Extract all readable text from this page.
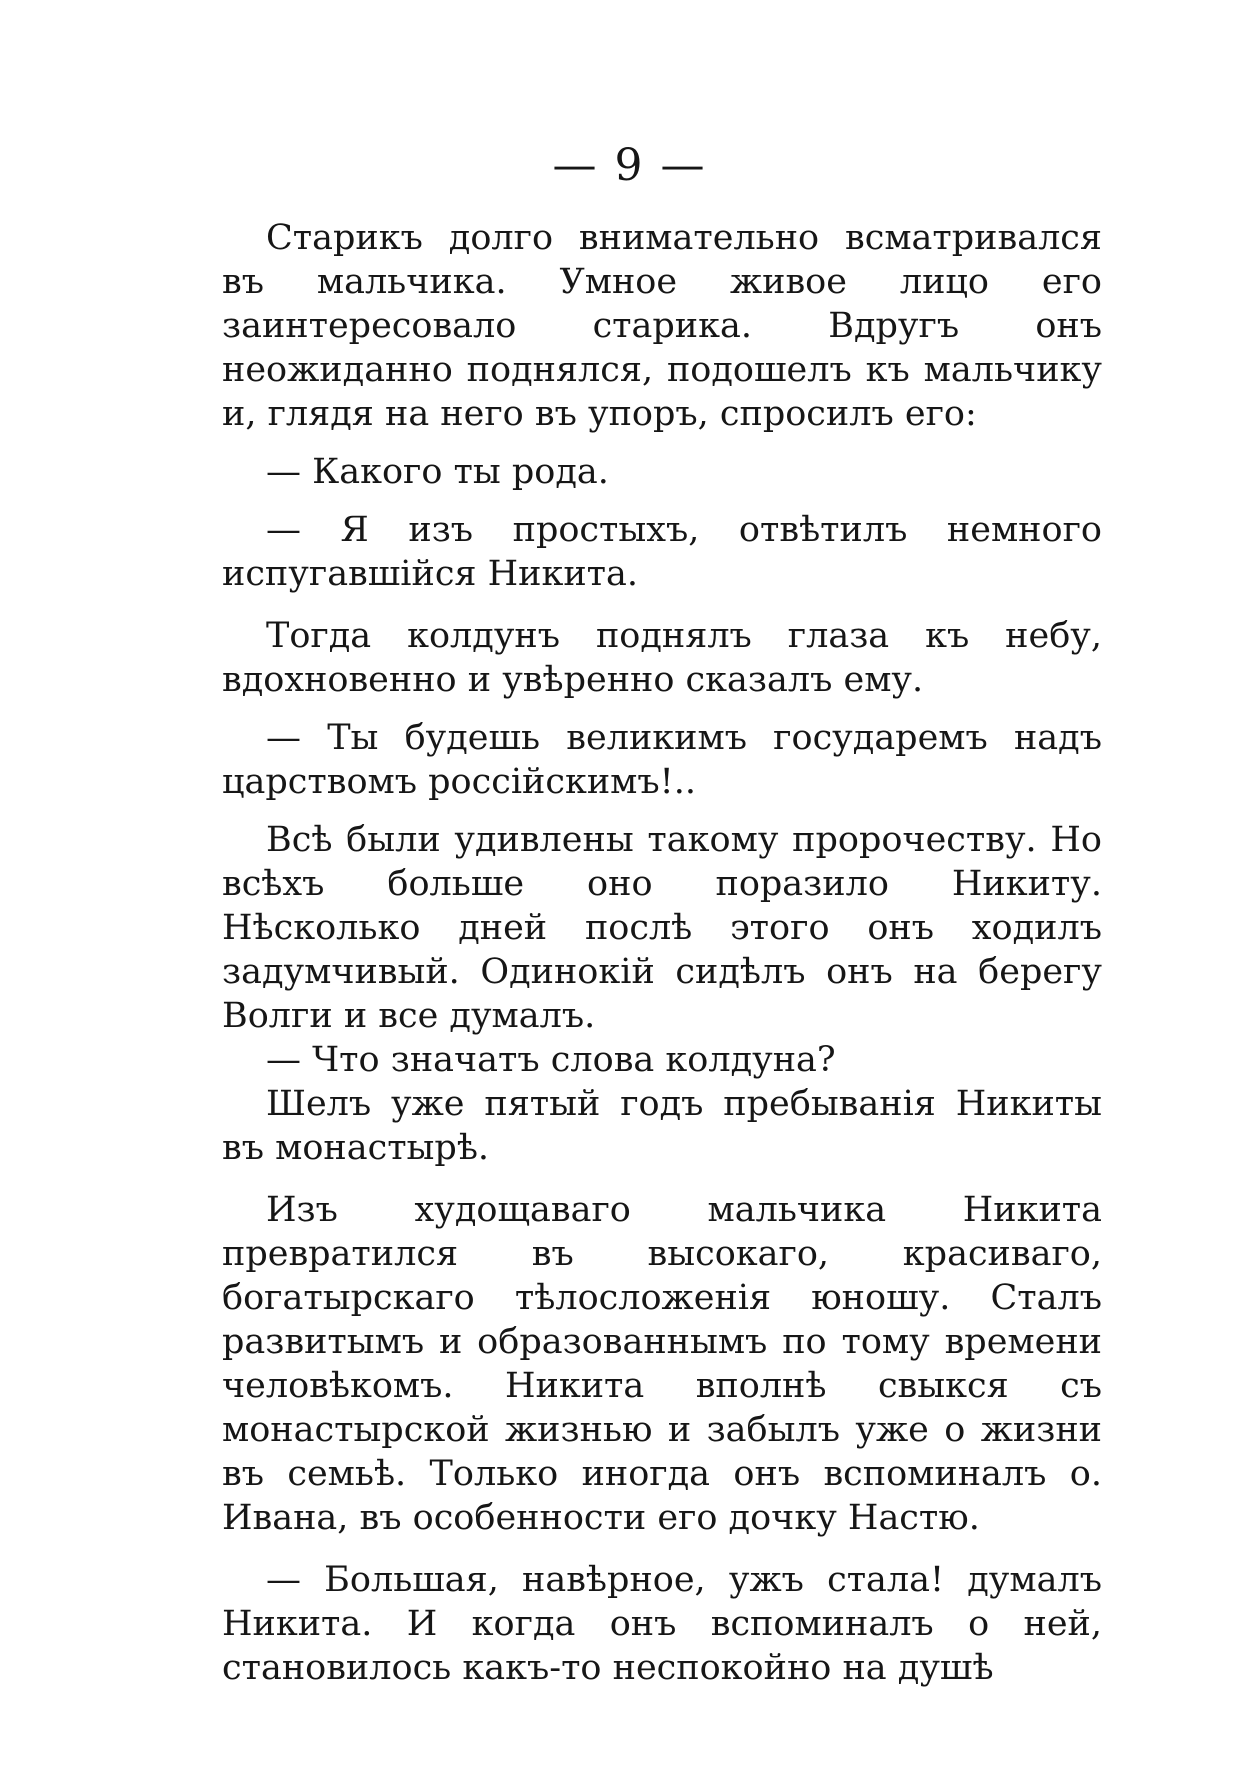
— 9 —

Старикъ долго внимательно всматривался въ мальчика. Умное живое лицо его заинтересовало старика. Вдругъ онъ неожиданно поднялся, подошелъ къ мальчику и, глядя на него въ упоръ, спросилъ его:

— Какого ты рода.

— Я изъ простыхъ, отвѣтилъ немного испугавшійся Никита.

Тогда колдунъ поднялъ глаза къ небу, вдохновенно и увѣренно сказалъ ему.

— Ты будешь великимъ государемъ надъ царствомъ россійскимъ!..

Всѣ были удивлены такому пророчеству. Но всѣхъ больше оно поразило Никиту. Нѣсколько дней послѣ этого онъ ходилъ задумчивый. Одинокій сидѣлъ онъ на берегу Волги и все думалъ.

— Что значатъ слова колдуна?

Шелъ уже пятый годъ пребыванія Никиты въ монастырѣ.

Изъ худощаваго мальчика Никита превратился въ высокаго, красиваго, богатырскаго тѣлосложенія юношу. Сталъ развитымъ и образованнымъ по тому времени человѣкомъ. Никита вполнѣ свыкся съ монастырской жизнью и забылъ уже о жизни въ семьѣ. Только иногда онъ вспоминалъ о. Ивана, въ особенности его дочку Настю.

— Большая, навѣрное, ужъ стала! думалъ Никита. И когда онъ вспоминалъ о ней, становилось какъ-то неспокойно на душѣ
